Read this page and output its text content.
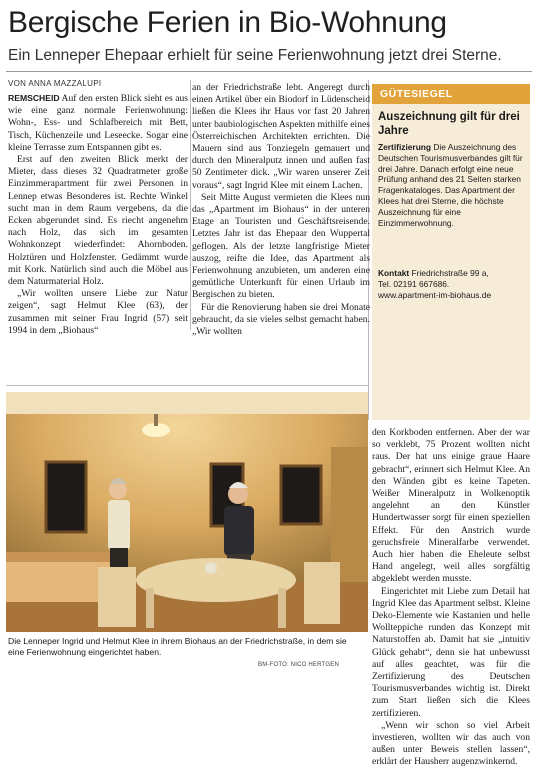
Bergische Ferien in Bio-Wohnung
Ein Lenneper Ehepaar erhielt für seine Ferienwohnung jetzt drei Sterne.
VON ANNA MAZZALUPI

REMSCHEID Auf den ersten Blick sieht es aus wie eine ganz normale Ferienwohnung: Wohn-, Ess- und Schlafbereich mit Bett, Tisch, Küchenzeile und Leseecke. Sogar eine kleine Terrasse zum Entspannen gibt es.

Erst auf den zweiten Blick merkt der Mieter, dass dieses 32 Quadratmeter große Einzimmerapartment für zwei Personen in Lennep etwas Besonderes ist. Rechte Winkel sucht man in dem Raum vergebens, da die Ecken abgerundet sind. Es riecht angenehm nach Holz, das sich im gesamten Wohnkonzept wiederfindet: Ahornboden. Holztüren und Holzfenster. Gedämmt wurde mit Kork. Natürlich sind auch die Möbel aus dem Naturmaterial Holz.

„Wir wollten unsere Liebe zur Natur zeigen“, sagt Helmut Klee (63), der zusammen mit seiner Frau Ingrid (57) seit 1994 in dem „Biohaus“

an der Friedrichstraße lebt. Angeregt durch einen Artikel über ein Biodorf in Lüdenscheid ließen die Klees ihr Haus vor fast 20 Jahren unter baubiologischen Aspekten mithilfe eines Österreichischen Architekten errichten. Die Mauern sind aus Tonziegeln gemauert und durch den Mineralputz innen und außen fast 50 Zentimeter dick. „Wir waren unserer Zeit voraus“, sagt Ingrid Klee mit einem Lachen.

Seit Mitte August vermieten die Klees nun das „Apartment im Biohaus“ in der unteren Etage an Touristen und Geschäftsreisende. Letztes Jahr ist das Ehepaar den Wuppertal geflogen. Als der letzte langfristige Mieter auszog, reifte die Idee, das Apartment als Ferienwohnung anzubieten, um anderen eine gemütliche Unterkunft für einen Urlaub im Bergischen zu bieten.

Für die Renovierung haben sie drei Monate gebraucht, da sie vieles selbst gemacht haben. „Wir wollten

GÜTESIEGEL
Auszeichnung gilt für drei Jahre
Zertifizierung Die Auszeichnung des Deutschen Tourismusverbandes gilt für drei Jahre. Danach erfolgt eine neue Prüfung anhand des 21 Seiten starken Fragenkataloges. Das Apartment der Klees hat drei Sterne, die höchste Auszeichnung für eine Einzimmerwohnung.
Kontakt Friedrichstraße 99 a,
Tel. 02191 667686.
www.apartment-im-biohaus.de

den Korkboden entfernen. Aber der war so verklebt, 75 Prozent wollten nicht raus. Der hat uns einige graue Haare gebracht“, erinnert sich Helmut Klee. An den Wänden gibt es keine Tapeten. Weißer Mineralputz in Wolkenoptik angelehnt an den Künstler Hundertwasser sorgt für einen speziellen Effekt. Für den Anstrich wurde geruchsfreie Mineralfarbe verwendet. Auch hier haben die Eheleute selbst Hand angelegt, weil alles sorgfältig abgeklebt werden musste.

Eingerichtet mit Liebe zum Detail hat Ingrid Klee das Apartment selbst. Kleine Deko-Elemente wie Kastanien und helle Wollteppiche runden das Konzept mit Naturstoffen ab. Damit hat sie „intuitiv Glück gehabt“, denn sie hat unbewusst auf alles geachtet, was für die Zertifizierung des Deutschen Tourismusverbandes wichtig ist. Direkt zum Start ließen sich die Klees zertifizieren.

„Wenn wir schon so viel Arbeit investieren, wollten wir das auch von außen unter Beweis stellen lassen“, erklärt der Hausherr augenzwinkernd.

Die Lenneper Ingrid und Helmut Klee in ihrem Biohaus an der Friedrichstraße, in dem sie eine Ferienwohnung eingerichtet haben.
BM-FOTO: NICO HERTGEN
